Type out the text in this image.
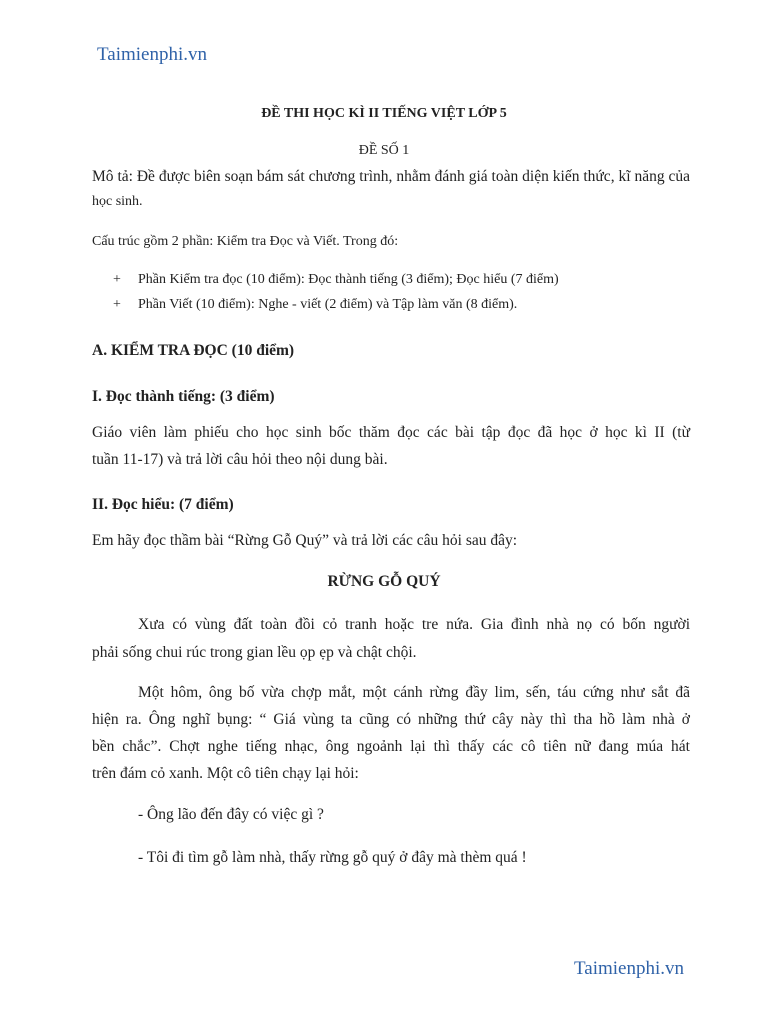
Taimienphi.vn
ĐỀ THI HỌC KÌ II TIẾNG VIỆT LỚP 5
ĐỀ SỐ 1
Mô tả: Đề được biên soạn bám sát chương trình, nhằm đánh giá toàn diện kiến thức, kĩ năng của
học sinh.
Cấu trúc gồm 2 phần: Kiểm tra Đọc và Viết. Trong đó:
+ Phần Kiểm tra đọc (10 điểm): Đọc thành tiếng (3 điểm); Đọc hiểu (7 điểm)
+ Phần Viết (10 điểm): Nghe - viết (2 điểm) và Tập làm văn (8 điểm).
A. KIỂM TRA ĐỌC (10 điểm)
I. Đọc thành tiếng: (3 điểm)
Giáo viên làm phiếu cho học sinh bốc thăm đọc các bài tập đọc đã học ở học kì II (từ
tuần 11-17) và trả lời câu hỏi theo nội dung bài.
II. Đọc hiểu: (7 điểm)
Em hãy đọc thầm bài “Rừng Gỗ Quý” và trả lời các câu hỏi sau đây:
RỪNG GỖ QUÝ
Xưa có vùng đất toàn đồi cỏ tranh hoặc tre nứa. Gia đình nhà nọ có bốn người
phải sống chui rúc trong gian lều ọp ẹp và chật chội.
Một hôm, ông bố vừa chợp mắt, một cánh rừng đầy lim, sến, táu cứng như sắt đã
hiện ra. Ông nghĩ bụng: “ Giá vùng ta cũng có những thứ cây này thì tha hồ làm nhà ở
bền chắc”. Chợt nghe tiếng nhạc, ông ngoảnh lại thì thấy các cô tiên nữ đang múa hát
trên đám cỏ xanh. Một cô tiên chạy lại hỏi:
- Ông lão đến đây có việc gì ?
- Tôi đi tìm gỗ làm nhà, thấy rừng gỗ quý ở đây mà thèm quá !
Taimienphi.vn
